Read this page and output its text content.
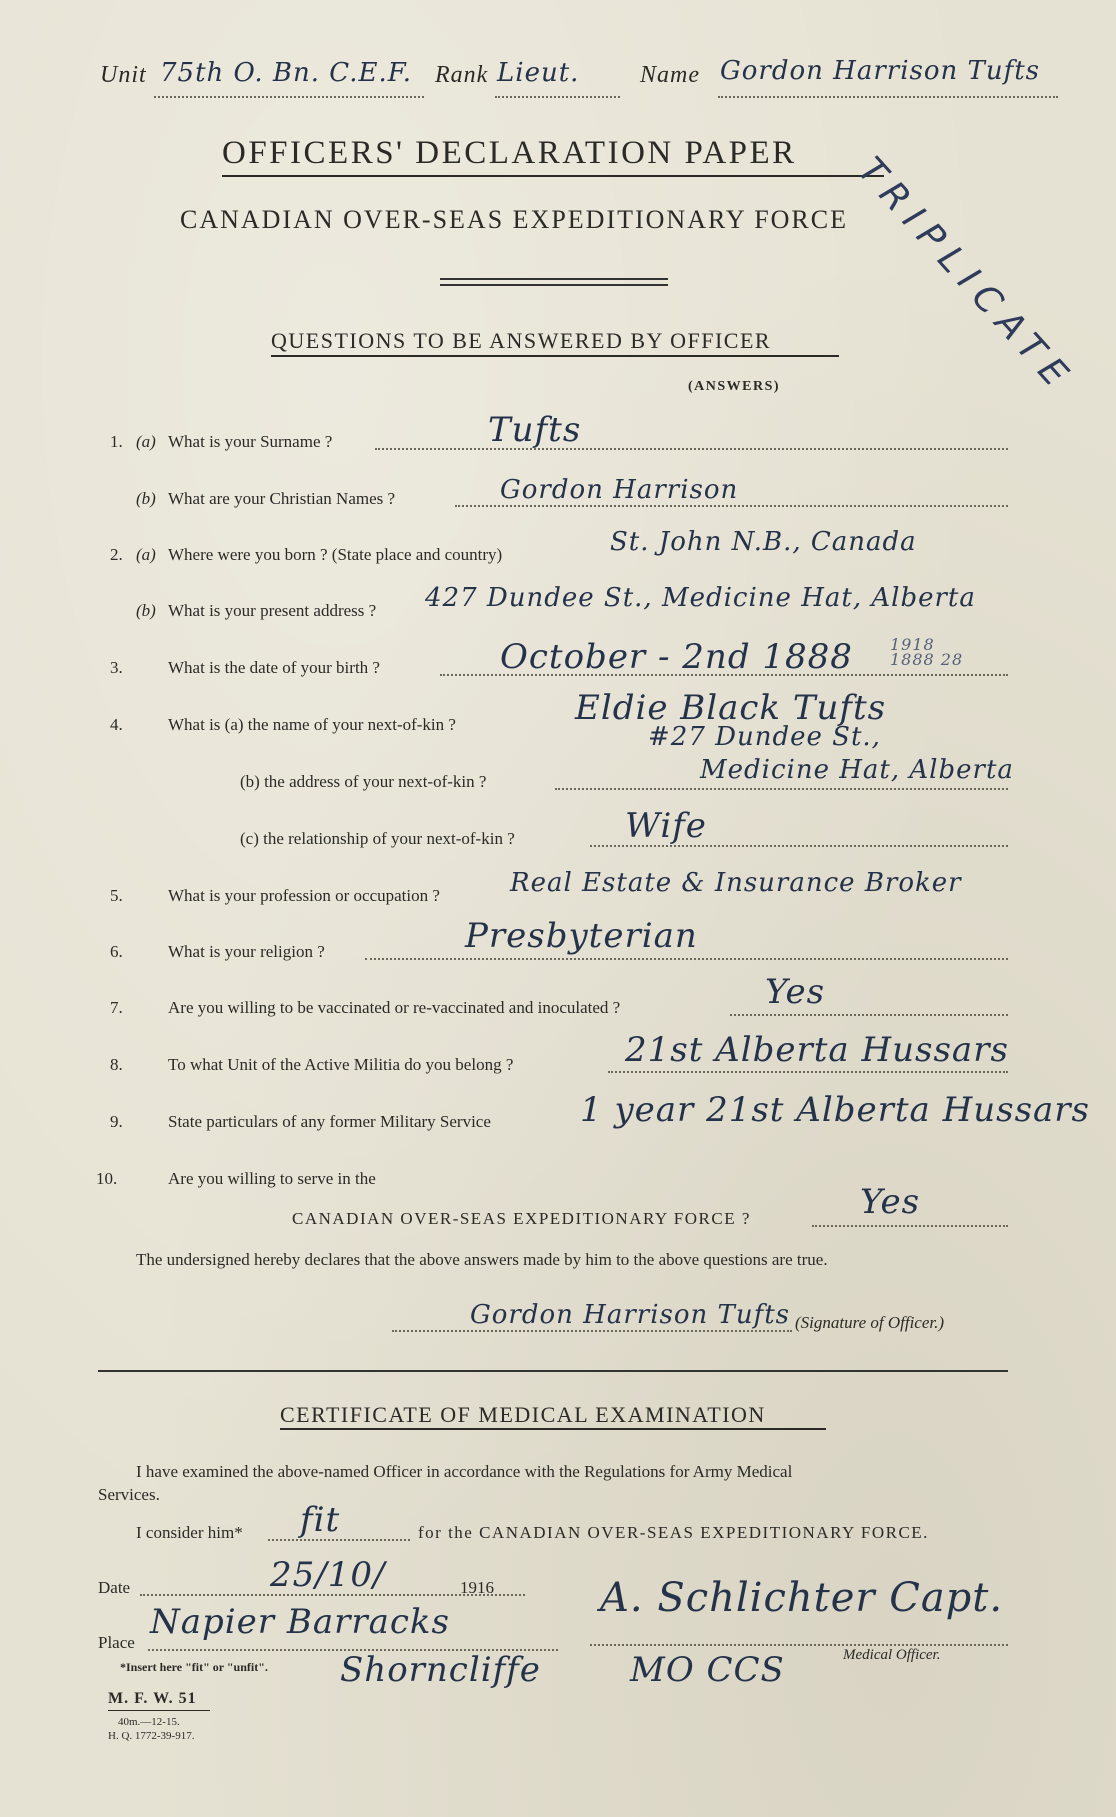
Unit 75th O. Bn. C.E.F. Rank Lieut.	Name Gordon Harrison Tufts
OFFICERS' DECLARATION PAPER
CANADIAN OVER-SEAS EXPEDITIONARY FORCE TRIPLICATE
QUESTIONS TO BE ANSWERED BY OFFICER
(ANSWERS)
1. (a) What is your Surname ?	Tufts
(b) What are your Christian Names ?	Gordon Harrison
2. (a) Where were you born ? (State place and country)	St. John N.B., Canada
(b) What is your present address ? 427 Dundee St., Medicine Hat, Alberta
3.	What is the date of your birth ?	October - 2nd 1888 1918 1888 28
4.	What is (a) the name of your next-of-kin ?	Eldie Black Tufts
(b) the address of your next-of-kin ?
#27 Dundee St.,
Medicine Hat, Alberta
(c) the relationship of your next-of-kin ?	Wife
5.	What is your profession or occupation ?	Real Estate & Insurance Broker
6.	What is your religion ?	Presbyterian
7.	Are you willing to be vaccinated or re-vaccinated and inoculated ?	Yes
8.	To what Unit of the Active Militia do you belong ?	21st Alberta Hussars
9.	State particulars of any former Military Service	1 year 21st Alberta Hussars
10.	Are you willing to serve in the
CANADIAN OVER-SEAS EXPEDITIONARY FORCE ?	Yes
The undersigned hereby declares that the above answers made by him to the above questions are true.
Gordon Harrison Tufts (Signature of Officer.)
CERTIFICATE OF MEDICAL EXAMINATION
I have examined the above-named Officer in accordance with the Regulations for Army Medical
Services.
I consider him* fit	for the CANADIAN OVER-SEAS EXPEDITIONARY FORCE.
Date	25/10/	1916
Place
Napier Barracks
Shorncliffe
A. Schlichter Capt.
MO CCS	Medical Officer.
*Insert here "fit" or "unfit".
M. F. W. 51
40m.—12-15.
H. Q. 1772-39-917.
